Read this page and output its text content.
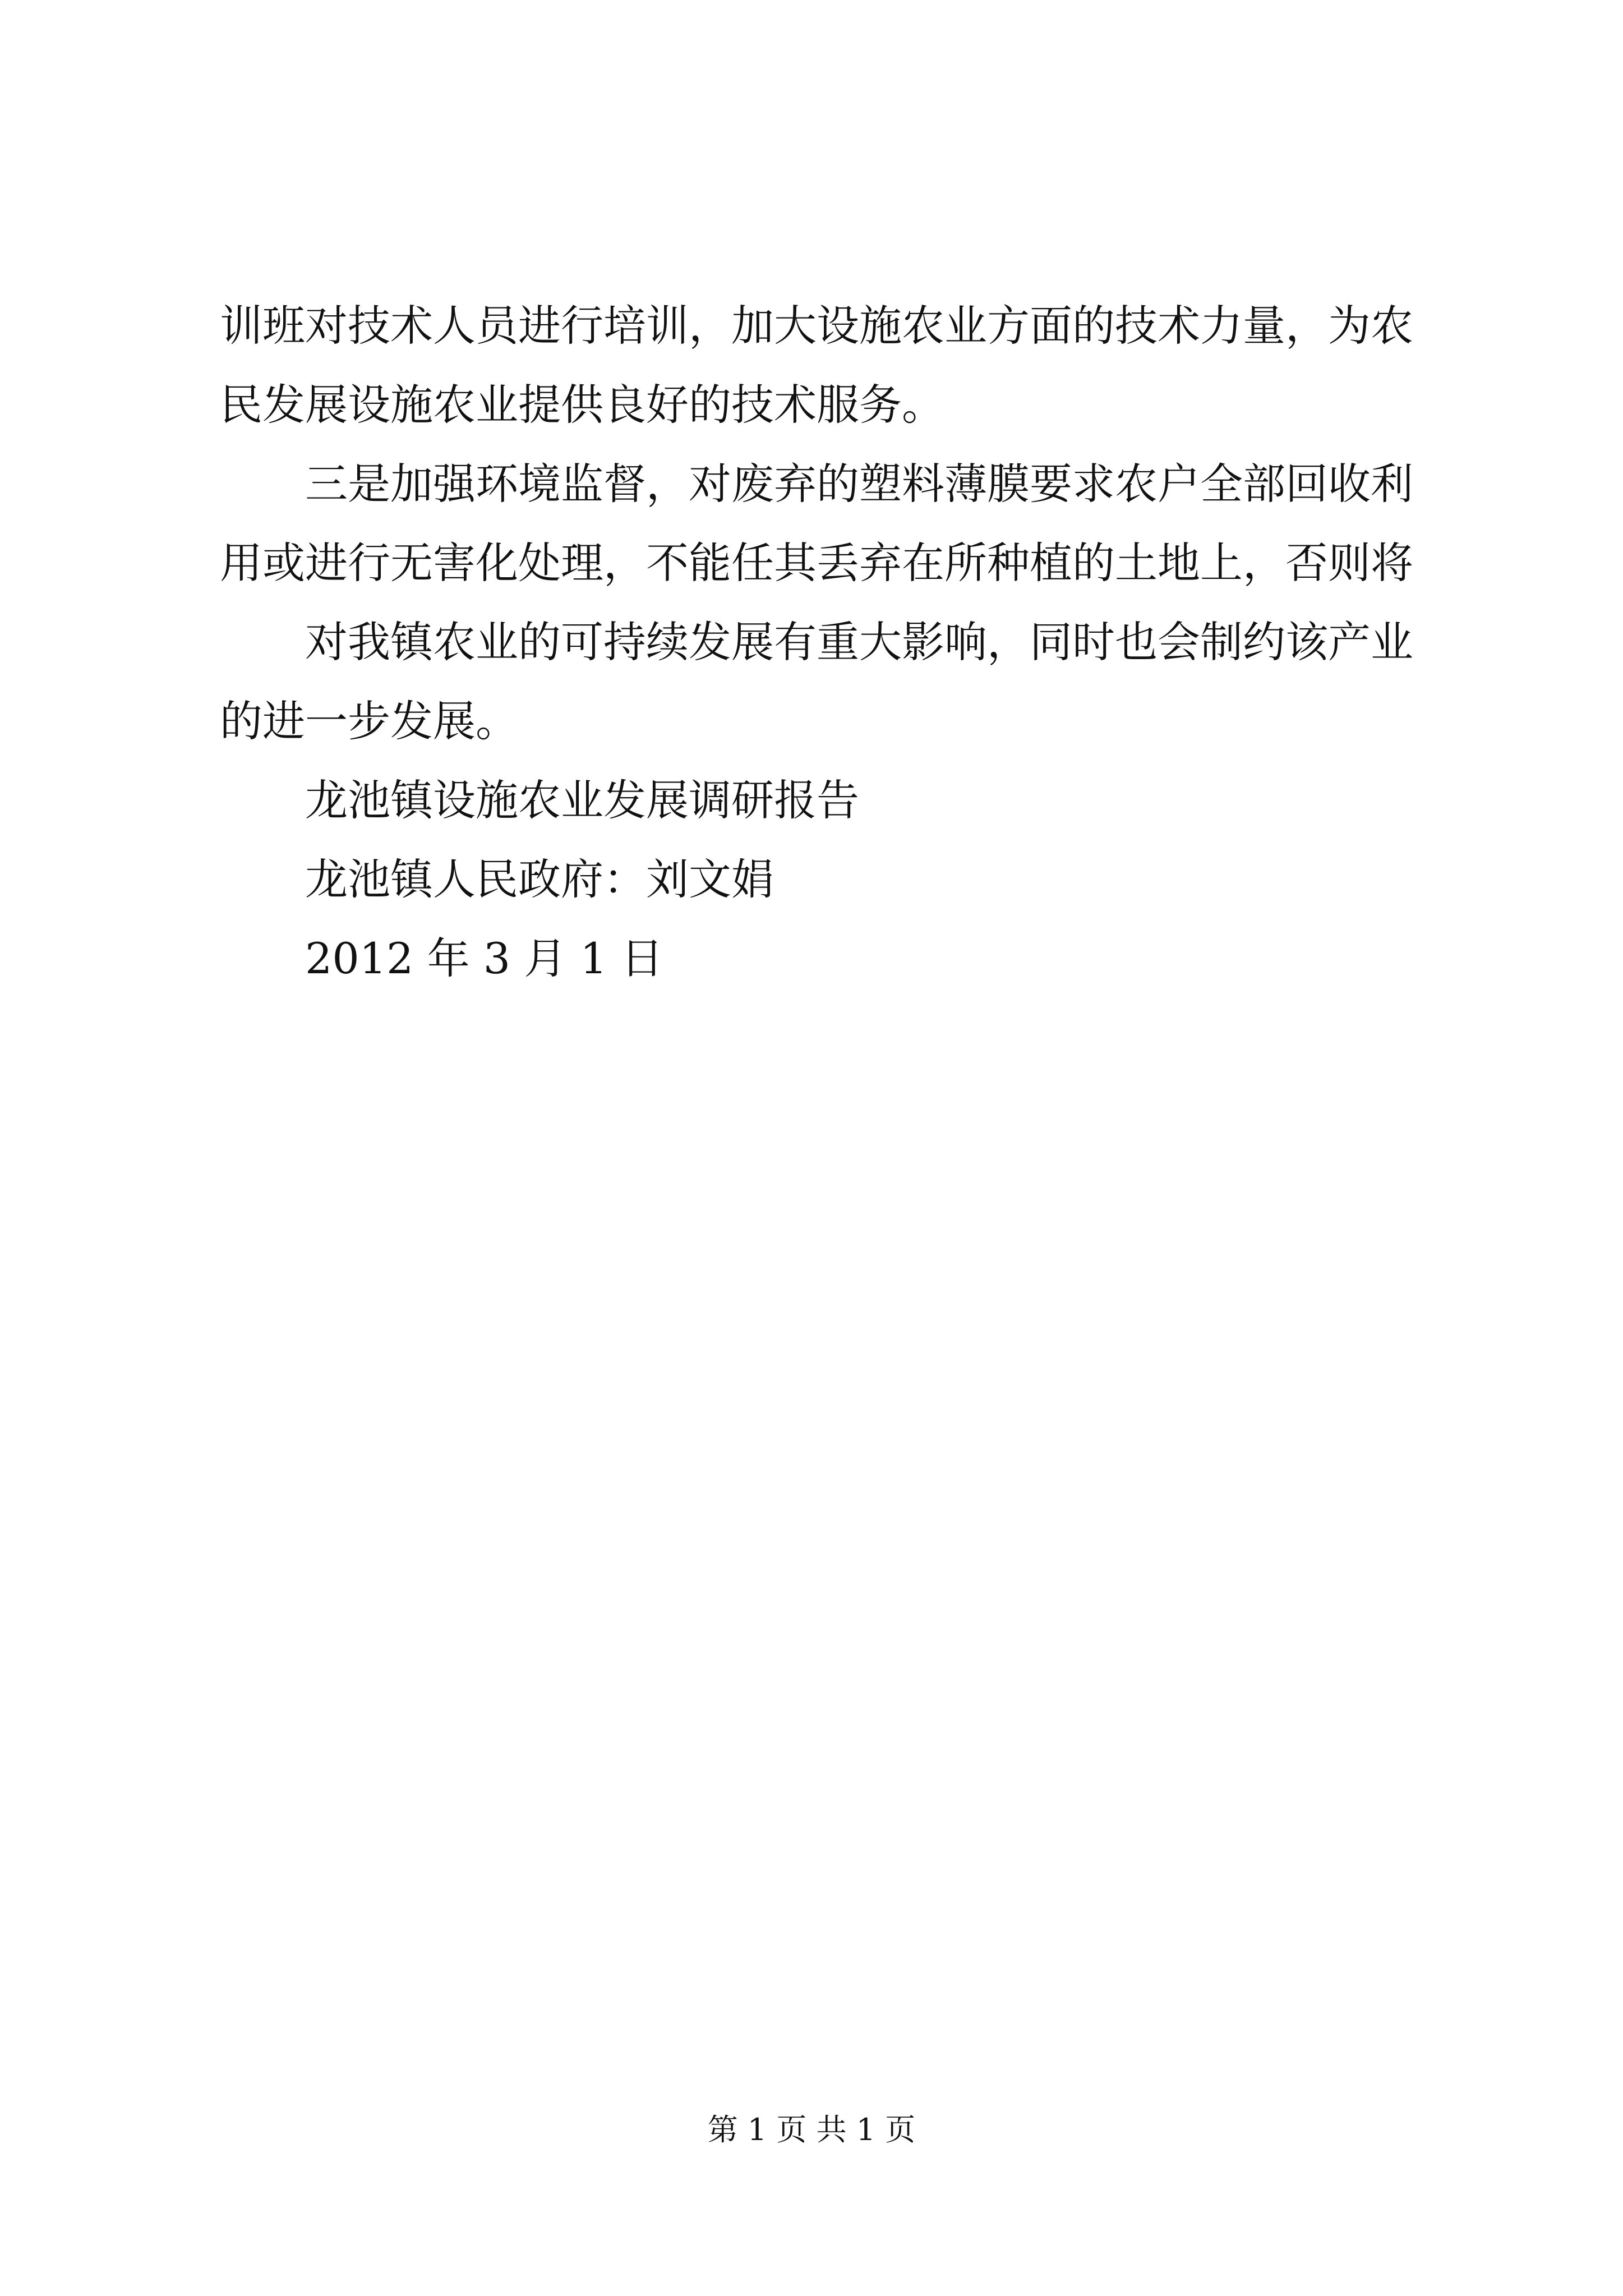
训班对技术人员进行培训，加大设施农业方面的技术力量，为农
民发展设施农业提供良好的技术服务。
三是加强环境监督，对废弃的塑料薄膜要求农户全部回收利
用或进行无害化处理，不能任其丢弃在所种植的土地上，否则将
对我镇农业的可持续发展有重大影响，同时也会制约该产业
的进一步发展。
龙池镇设施农业发展调研报告
龙池镇人民政府：刘文娟
2012 年 3 月 1 日
第 1 页 共 1 页
